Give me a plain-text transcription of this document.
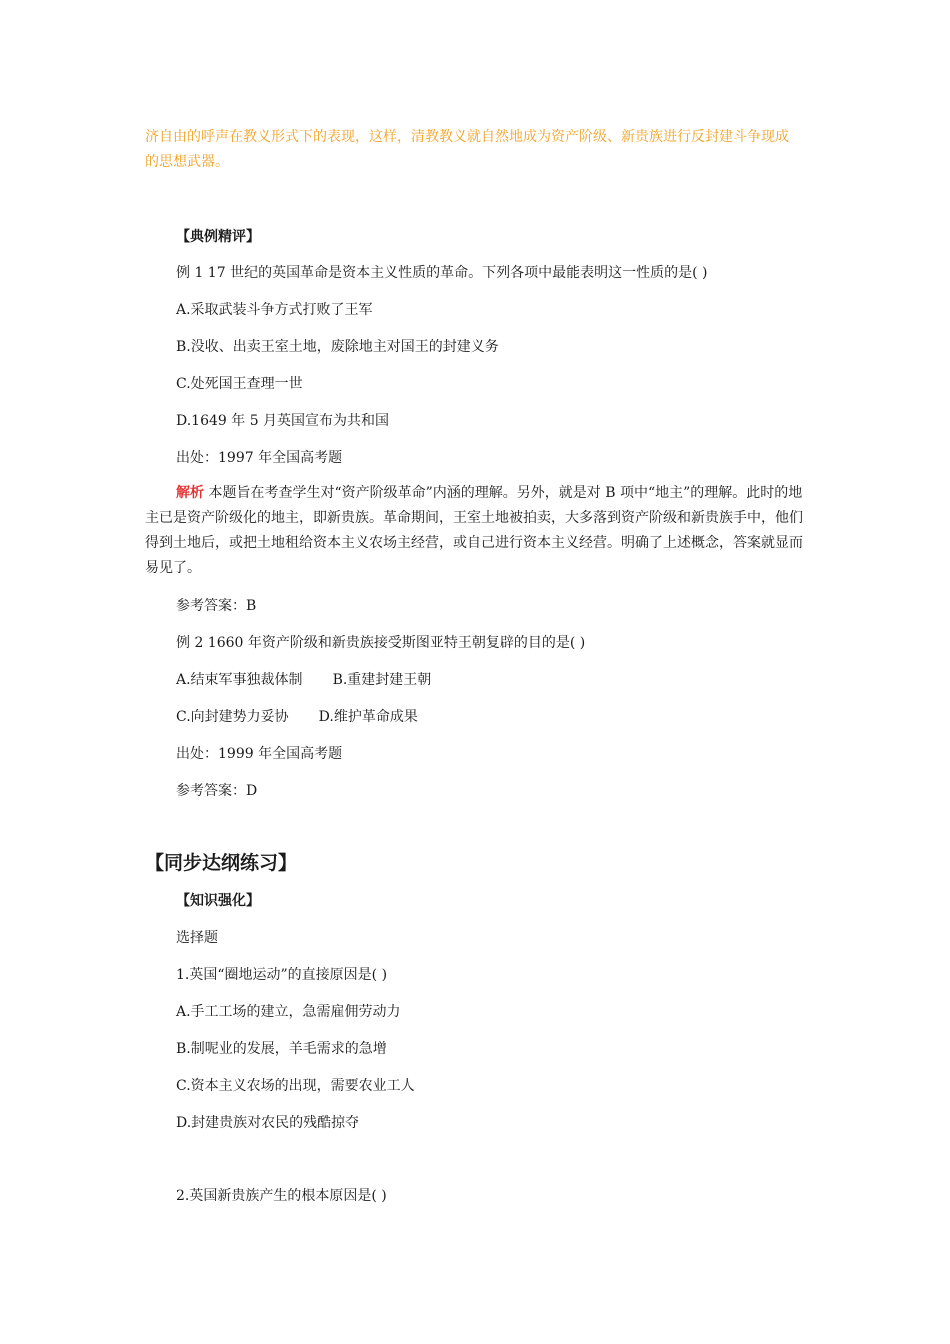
济自由的呼声在教义形式下的表现，这样，清教教义就自然地成为资产阶级、新贵族进行反封建斗争现成
的思想武器。
【典例精评】
例 1 17 世纪的英国革命是资本主义性质的革命。下列各项中最能表明这一性质的是( )
A.采取武装斗争方式打败了王军
B.没收、出卖王室土地，废除地主对国王的封建义务
C.处死国王查理一世
D.1649 年 5 月英国宣布为共和国
出处：1997 年全国高考题
解析 本题旨在考查学生对“资产阶级革命”内涵的理解。另外，就是对 B 项中“地主”的理解。此时的地主已是资产阶级化的地主，即新贵族。革命期间，王室土地被拍卖，大多落到资产阶级和新贵族手中，他们得到土地后，或把土地租给资本主义农场主经营，或自己进行资本主义经营。明确了上述概念，答案就显而易见了。
参考答案：B
例 2 1660 年资产阶级和新贵族接受斯图亚特王朝复辟的目的是( )
A.结束军事独裁体制 B.重建封建王朝
C.向封建势力妥协 D.维护革命成果
出处：1999 年全国高考题
参考答案：D
【同步达纲练习】
【知识强化】
选择题
1.英国“圈地运动”的直接原因是( )
A.手工工场的建立，急需雇佣劳动力
B.制呢业的发展，羊毛需求的急增
C.资本主义农场的出现，需要农业工人
D.封建贵族对农民的残酷掠夺
2.英国新贵族产生的根本原因是( )
